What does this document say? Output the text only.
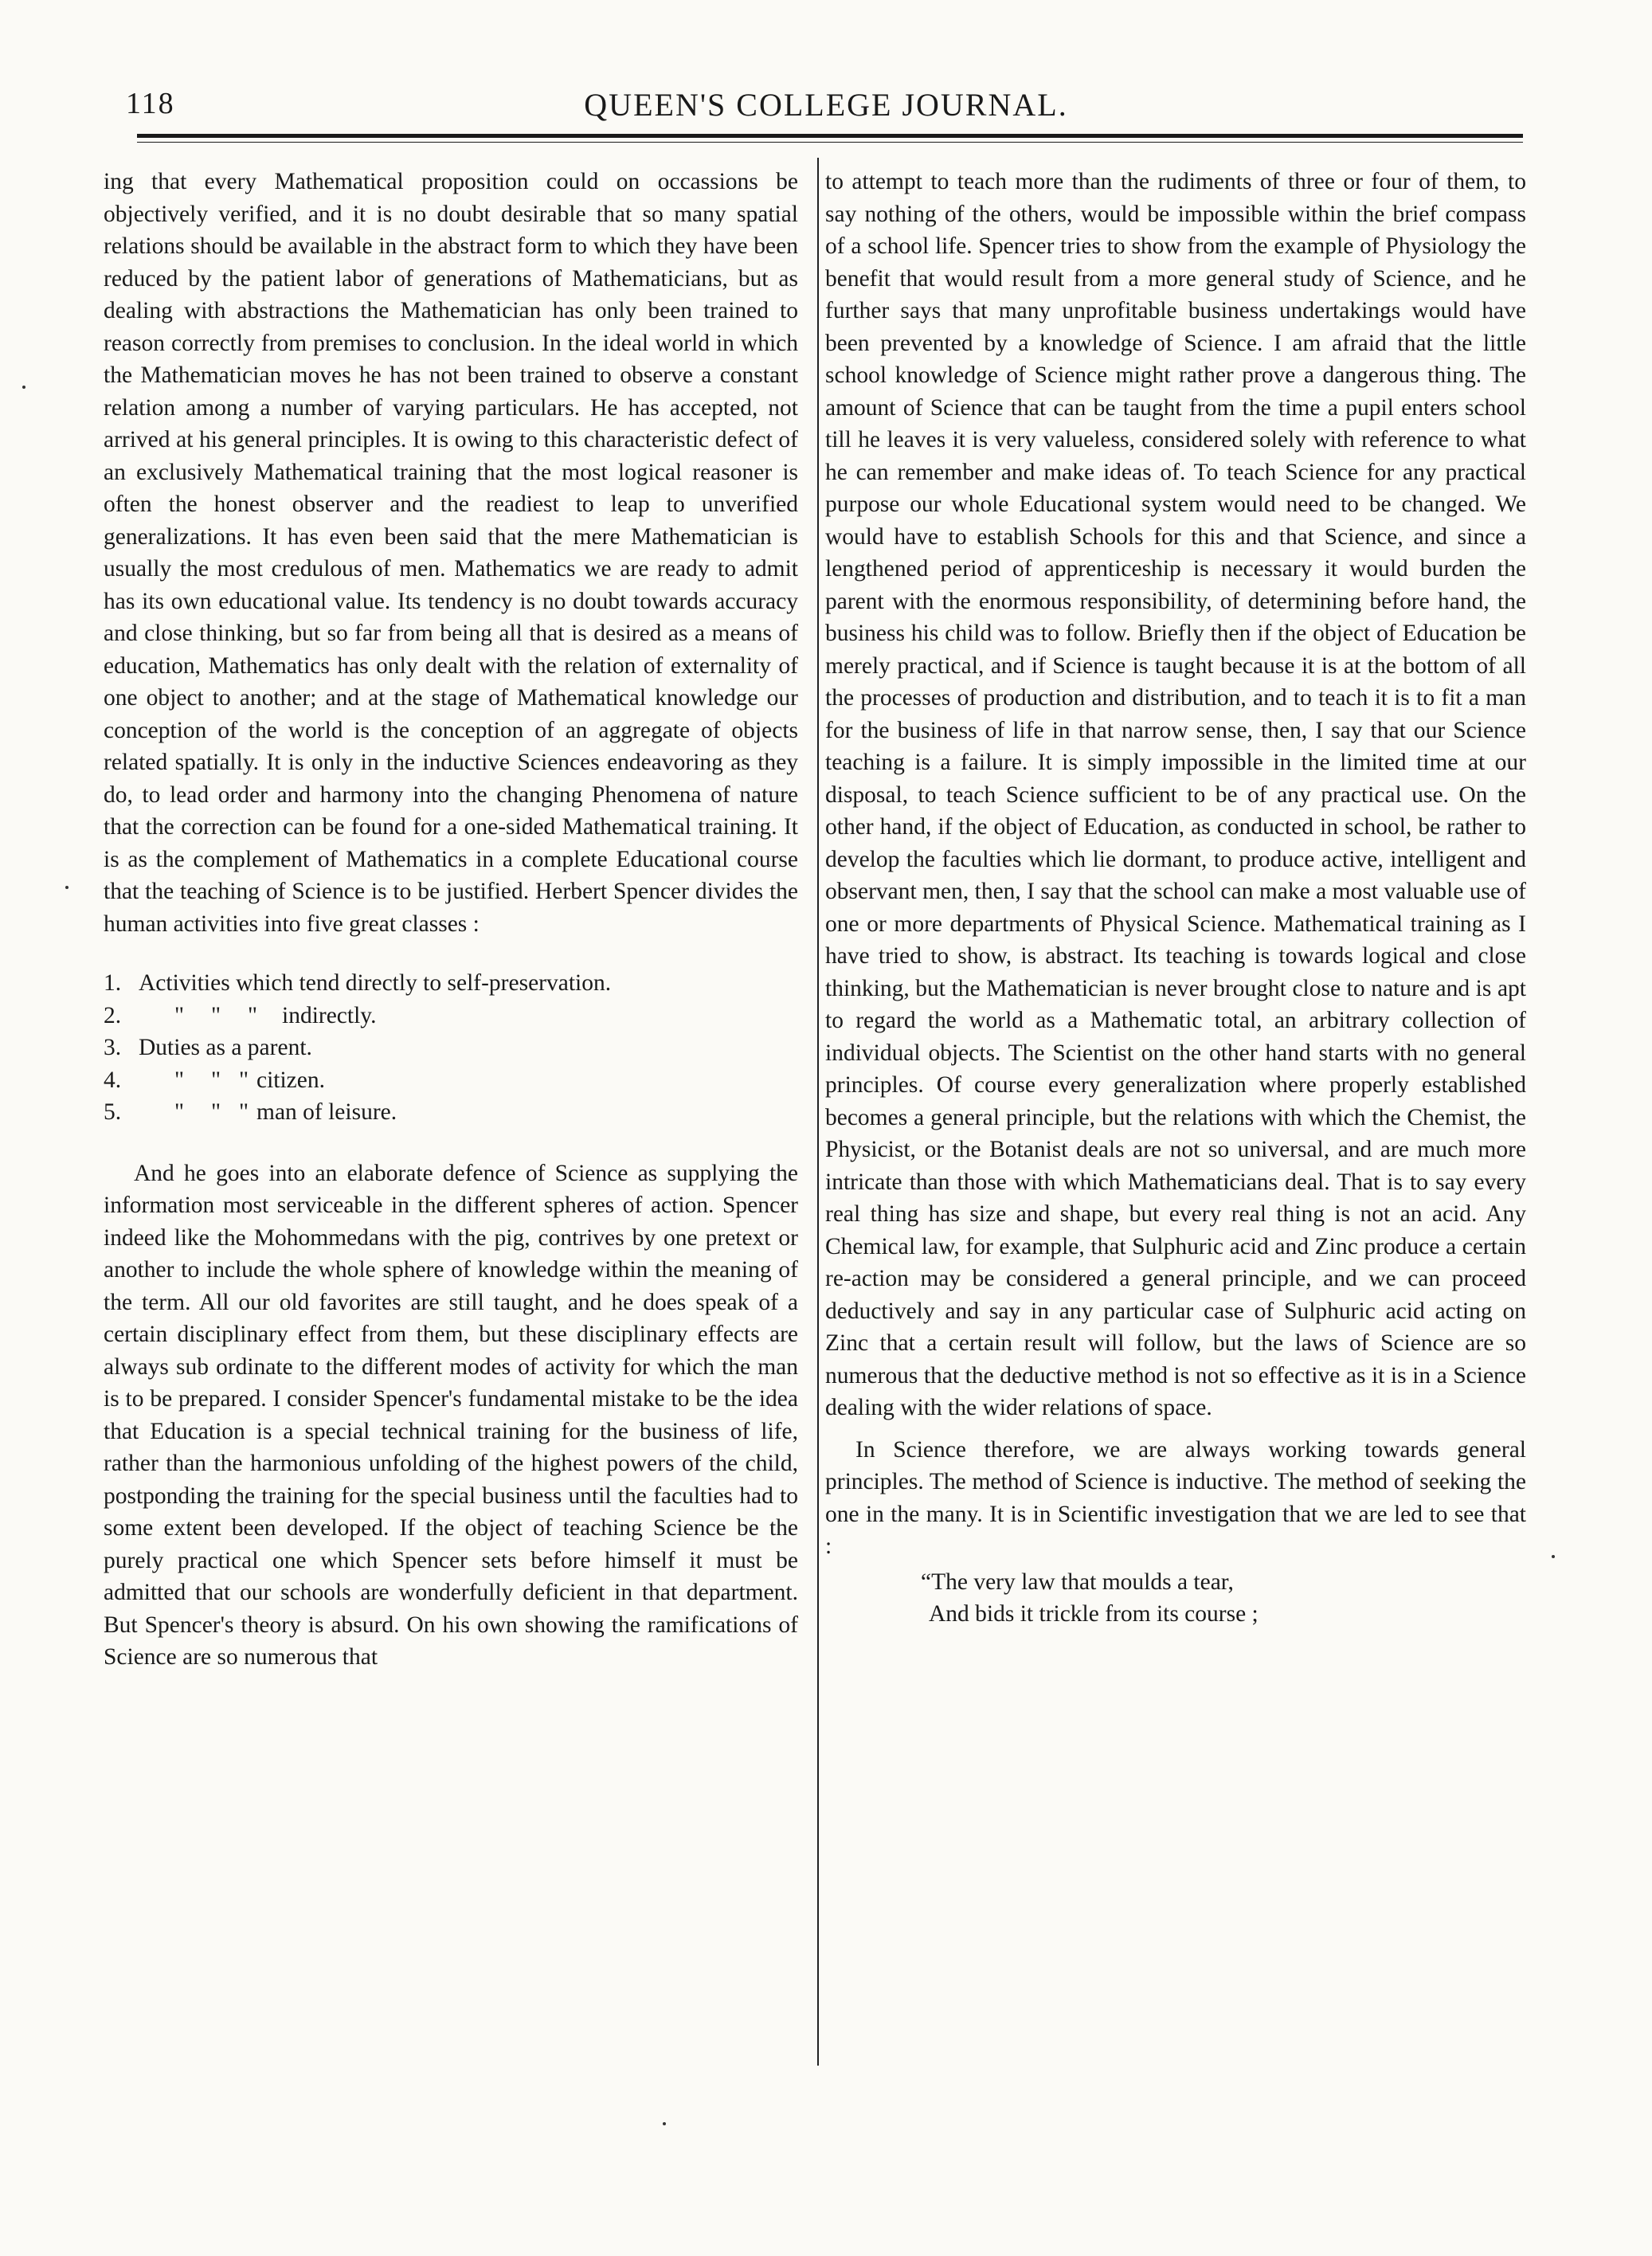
118	QUEEN'S COLLEGE JOURNAL.

ing that every Mathematical proposition could on occassions be objectively verified, and it is no doubt desirable that so many spatial relations should be available in the abstract form to which they have been reduced by the patient labor of generations of Mathematicians, but as dealing with abstractions the Mathematician has only been trained to reason correctly from premises to conclusion. In the ideal world in which the Mathematician moves he has not been trained to observe a constant relation among a number of varying particulars. He has accepted, not arrived at his general principles. It is owing to this characteristic defect of an exclusively Mathematical training that the most logical reasoner is often the honest observer and the readiest to leap to unverified generalizations. It has even been said that the mere Mathematician is usually the most credulous of men. Mathematics we are ready to admit has its own educational value. Its tendency is no doubt towards accuracy and close thinking, but so far from being all that is desired as a means of education, Mathematics has only dealt with the relation of externality of one object to another; and at the stage of Mathematical knowledge our conception of the world is the conception of an aggregate of objects related spatially. It is only in the inductive Sciences endeavoring as they do, to lead order and harmony into the changing Phenomena of nature that the correction can be found for a one-sided Mathematical training. It is as the complement of Mathematics in a complete Educational course that the teaching of Science is to be justified. Herbert Spencer divides the human activities into five great classes :

1. Activities which tend directly to self-preservation.
2.	"	"	"	indirectly.
3. Duties as a parent.
4.	"	" " citizen.
5.	"	" " man of leisure.

And he goes into an elaborate defence of Science as supplying the information most serviceable in the different spheres of action. Spencer indeed like the Mohommedans with the pig, contrives by one pretext or another to include the whole sphere of knowledge within the meaning of the term. All our old favorites are still taught, and he does speak of a certain disciplinary effect from them, but these disciplinary effects are always sub ordinate to the different modes of activity for which the man is to be prepared. I consider Spencer's fundamental mistake to be the idea that Education is a special technical training for the business of life, rather than the harmonious unfolding of the highest powers of the child, postponding the training for the special business until the faculties had to some extent been developed. If the object of teaching Science be the purely practical one which Spencer sets before himself it must be admitted that our schools are wonderfully deficient in that department. But Spencer's theory is absurd. On his own showing the ramifications of Science are so numerous that

to attempt to teach more than the rudiments of three or four of them, to say nothing of the others, would be impossible within the brief compass of a school life. Spencer tries to show from the example of Physiology the benefit that would result from a more general study of Science, and he further says that many unprofitable business undertakings would have been prevented by a knowledge of Science. I am afraid that the little school knowledge of Science might rather prove a dangerous thing. The amount of Science that can be taught from the time a pupil enters school till he leaves it is very valueless, considered solely with reference to what he can remember and make ideas of. To teach Science for any practical purpose our whole Educational system would need to be changed. We would have to establish Schools for this and that Science, and since a lengthened period of apprenticeship is necessary it would burden the parent with the enormous responsibility, of determining before hand, the business his child was to follow. Briefly then if the object of Education be merely practical, and if Science is taught because it is at the bottom of all the processes of production and distribution, and to teach it is to fit a man for the business of life in that narrow sense, then, I say that our Science teaching is a failure. It is simply impossible in the limited time at our disposal, to teach Science sufficient to be of any practical use. On the other hand, if the object of Education, as conducted in school, be rather to develop the faculties which lie dormant, to produce active, intelligent and observant men, then, I say that the school can make a most valuable use of one or more departments of Physical Science. Mathematical training as I have tried to show, is abstract. Its teaching is towards logical and close thinking, but the Mathematician is never brought close to nature and is apt to regard the world as a Mathematic total, an arbitrary collection of individual objects. The Scientist on the other hand starts with no general principles. Of course every generalization where properly established becomes a general principle, but the relations with which the Chemist, the Physicist, or the Botanist deals are not so universal, and are much more intricate than those with which Mathematicians deal. That is to say every real thing has size and shape, but every real thing is not an acid. Any Chemical law, for example, that Sulphuric acid and Zinc produce a certain re-action may be considered a general principle, and we can proceed deductively and say in any particular case of Sulphuric acid acting on Zinc that a certain result will follow, but the laws of Science are so numerous that the deductive method is not so effective as it is in a Science dealing with the wider relations of space.

In Science therefore, we are always working towards general principles. The method of Science is inductive. The method of seeking the one in the many. It is in Scientific investigation that we are led to see that :

“The very law that moulds a tear,
And bids it trickle from its course ;
